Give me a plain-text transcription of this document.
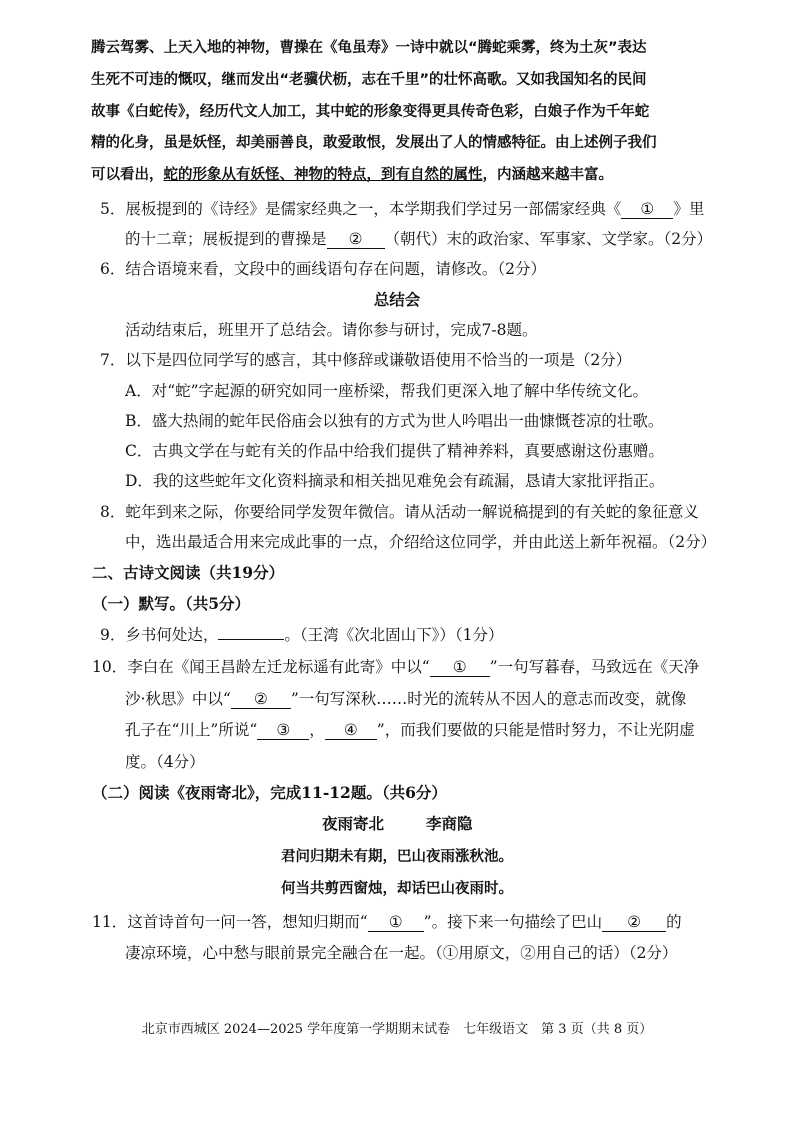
腾云驾雾、上天入地的神物，曹操在《龟虽寿》一诗中就以“腾蛇乘雾，终为土灰”表达
生死不可违的慨叹，继而发出“老骥伏枥，志在千里”的壮怀高歌。又如我国知名的民间
故事《白蛇传》，经历代文人加工，其中蛇的形象变得更具传奇色彩，白娘子作为千年蛇
精的化身，虽是妖怪，却美丽善良，敢爱敢恨，发展出了人的情感特征。由上述例子我们
可以看出，蛇的形象从有妖怪、神物的特点，到有自然的属性，内涵越来越丰富。
5．展板提到的《诗经》是儒家经典之一，本学期我们学过另一部儒家经典《 ① 》里
的十二章；展板提到的曹操是 ② （朝代）末的政治家、军事家、文学家。（2分）
6．结合语境来看，文段中的画线语句存在问题，请修改。（2分）
总结会
活动结束后，班里开了总结会。请你参与研讨，完成7-8题。
7．以下是四位同学写的感言，其中修辞或谦敬语使用不恰当的一项是（2分）
A．对“蛇”字起源的研究如同一座桥梁，帮我们更深入地了解中华传统文化。
B．盛大热闹的蛇年民俗庙会以独有的方式为世人吟唱出一曲慷慨苍凉的壮歌。
C．古典文学在与蛇有关的作品中给我们提供了精神养料，真要感谢这份惠赠。
D．我的这些蛇年文化资料摘录和相关拙见难免会有疏漏，恳请大家批评指正。
8．蛇年到来之际，你要给同学发贺年微信。请从活动一解说稿提到的有关蛇的象征意义
中，选出最适合用来完成此事的一点，介绍给这位同学，并由此送上新年祝福。（2分）
二、古诗文阅读（共19分）
（一）默写。（共5分）
9．乡书何处达，	。（王湾《次北固山下》）（1分）
10．李白在《闻王昌龄左迁龙标遥有此寄》中以“ ① ”一句写暮春，马致远在《天净
沙·秋思》中以“ ② ”一句写深秋……时光的流转从不因人的意志而改变，就像
孔子在“川上”所说“ ③ ， ④ ”，而我们要做的只能是惜时努力，不让光阴虚
度。（4分）
（二）阅读《夜雨寄北》，完成11-12题。（共6分）
夜雨寄北	李商隐
君问归期未有期，巴山夜雨涨秋池。
何当共剪西窗烛，却话巴山夜雨时。
11．这首诗首句一问一答，想知归期而“ ① ”。接下来一句描绘了巴山 ② 的
凄凉环境，心中愁与眼前景完全融合在一起。（①用原文，②用自己的话）（2分）
北京市西城区 2024—2025 学年度第一学期期末试卷　七年级语文　第 3 页（共 8 页）
